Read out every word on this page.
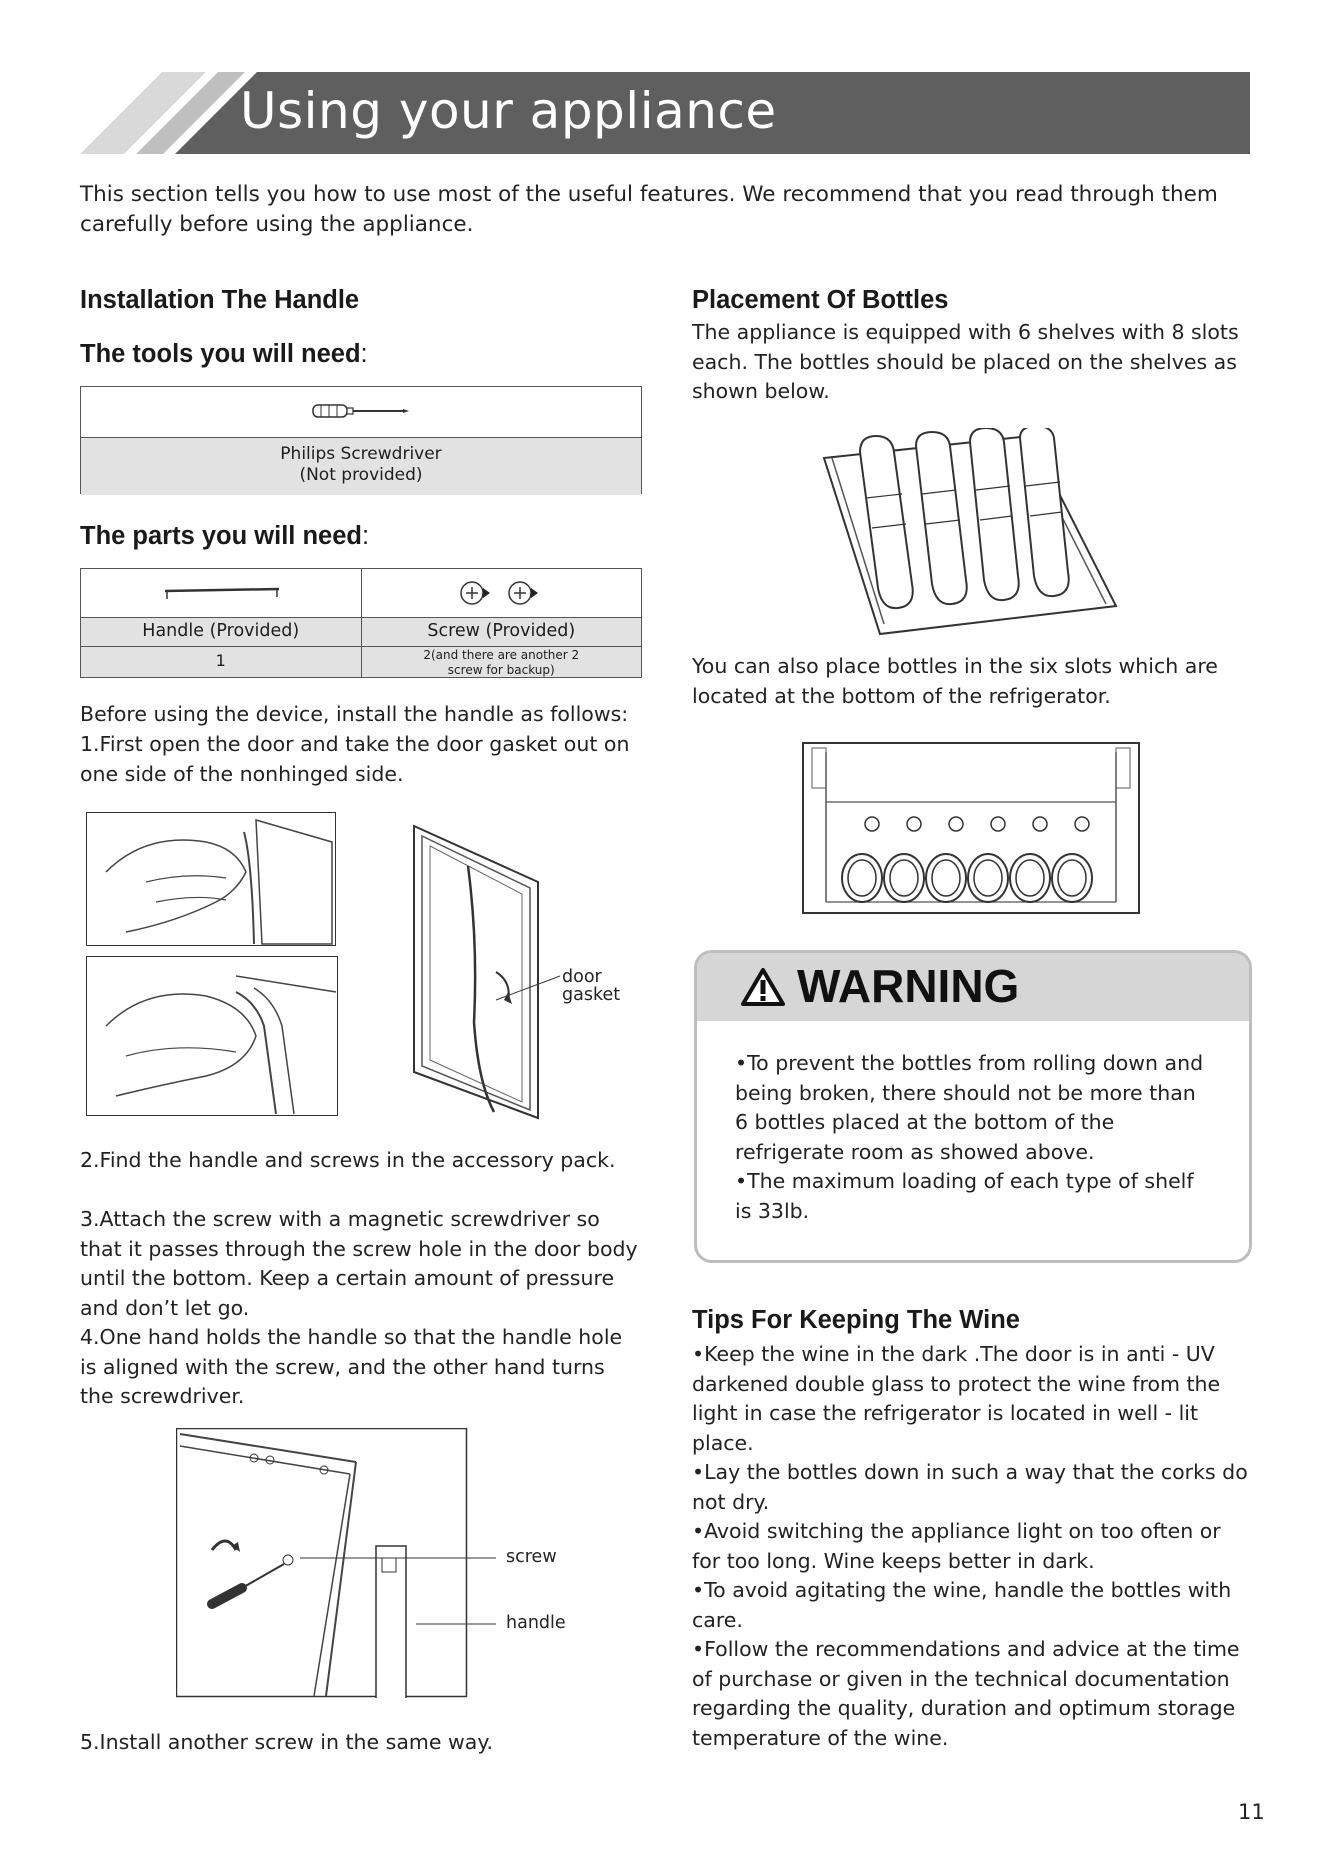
Using your appliance
This section tells you how to use most of the useful features. We recommend that you read through them carefully before using the appliance.
Installation The Handle
The tools you will need:
Philips Screwdriver
(Not provided)
The parts you will need:
Handle (Provided)	Screw (Provided)
1	2(and there are another 2
screw for backup)

Before using the device, install the handle as follows:

1.First open the door and take the door gasket out on one side of the nonhinged side.

door
gasket

2.Find the handle and screws in the accessory pack.

3.Attach the screw with a magnetic screwdriver so that it passes through the screw hole in the door body until the bottom. Keep a certain amount of pressure and don’t let go.

4.One hand holds the handle so that the handle hole is aligned with the screw, and the other hand turns the screwdriver.

screw
handle

5.Install another screw in the same way.

Placement Of Bottles

The appliance is equipped with 6 shelves with 8 slots each. The bottles should be placed on the shelves as shown below.

You can also place bottles in the six slots which are located at the bottom of the refrigerator.

WARNING

•To prevent the bottles from rolling down and being broken, there should not be more than 6 bottles placed at the bottom of the refrigerate room as showed above.

•The maximum loading of each type of shelf is 33lb.

Tips For Keeping The Wine

•Keep the wine in the dark .The door is in anti - UV darkened double glass to protect the wine from the light in case the refrigerator is located in well - lit place.

•Lay the bottles down in such a way that the corks do not dry.

•Avoid switching the appliance light on too often or for too long. Wine keeps better in dark.

•To avoid agitating the wine, handle the bottles with care.

•Follow the recommendations and advice at the time of purchase or given in the technical documentation regarding the quality, duration and optimum storage temperature of the wine.

11
